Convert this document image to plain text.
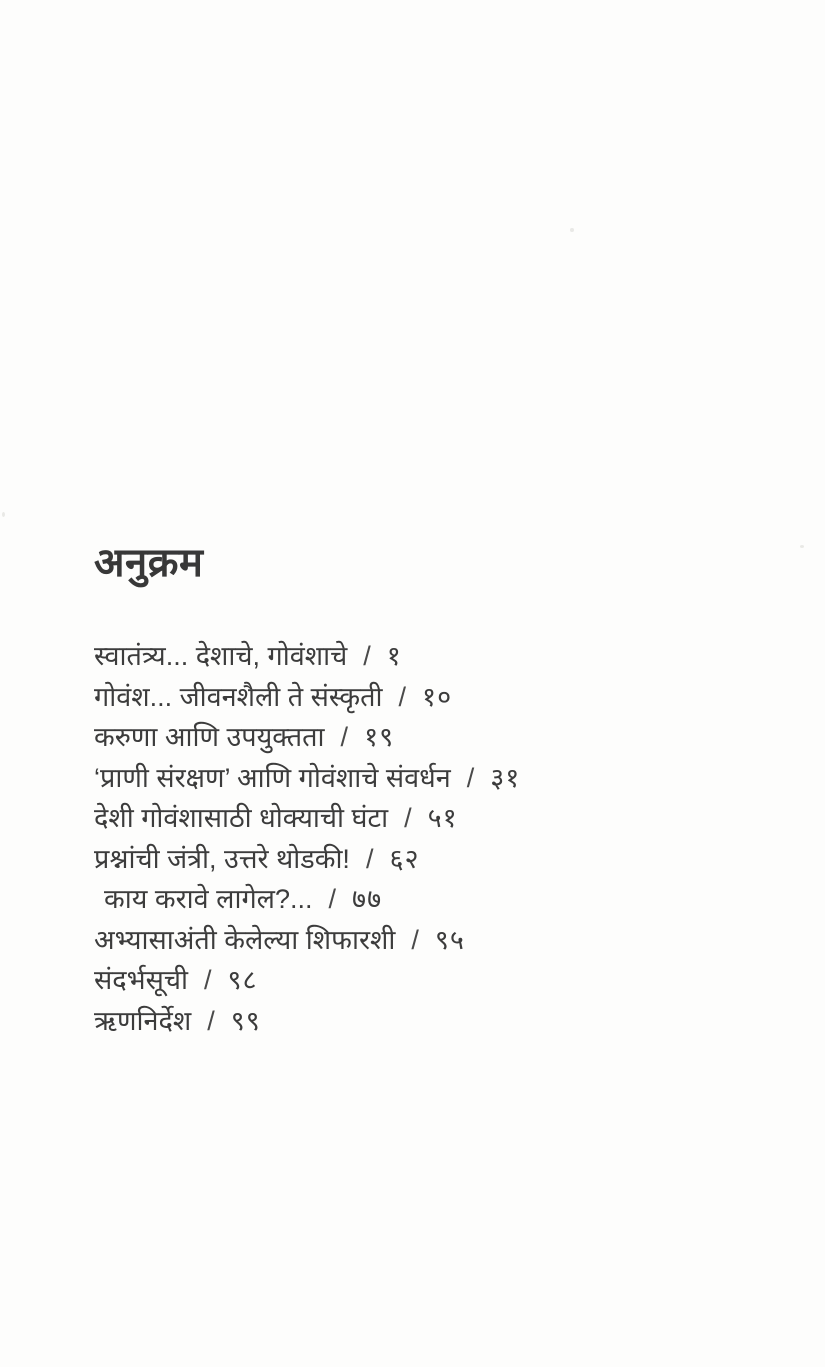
अनुक्रम
स्वातंत्र्य... देशाचे, गोवंशाचे / १
गोवंश... जीवनशैली ते संस्कृती / १०
करुणा आणि उपयुक्तता / १९
‘प्राणी संरक्षण’ आणि गोवंशाचे संवर्धन / ३१
देशी गोवंशासाठी धोक्याची घंटा / ५१
प्रश्नांची जंत्री, उत्तरे थोडकी! / ६२
काय करावे लागेल?... / ७७
अभ्यासाअंती केलेल्या शिफारशी / ९५
संदर्भसूची / ९८
ऋणनिर्देश / ९९
